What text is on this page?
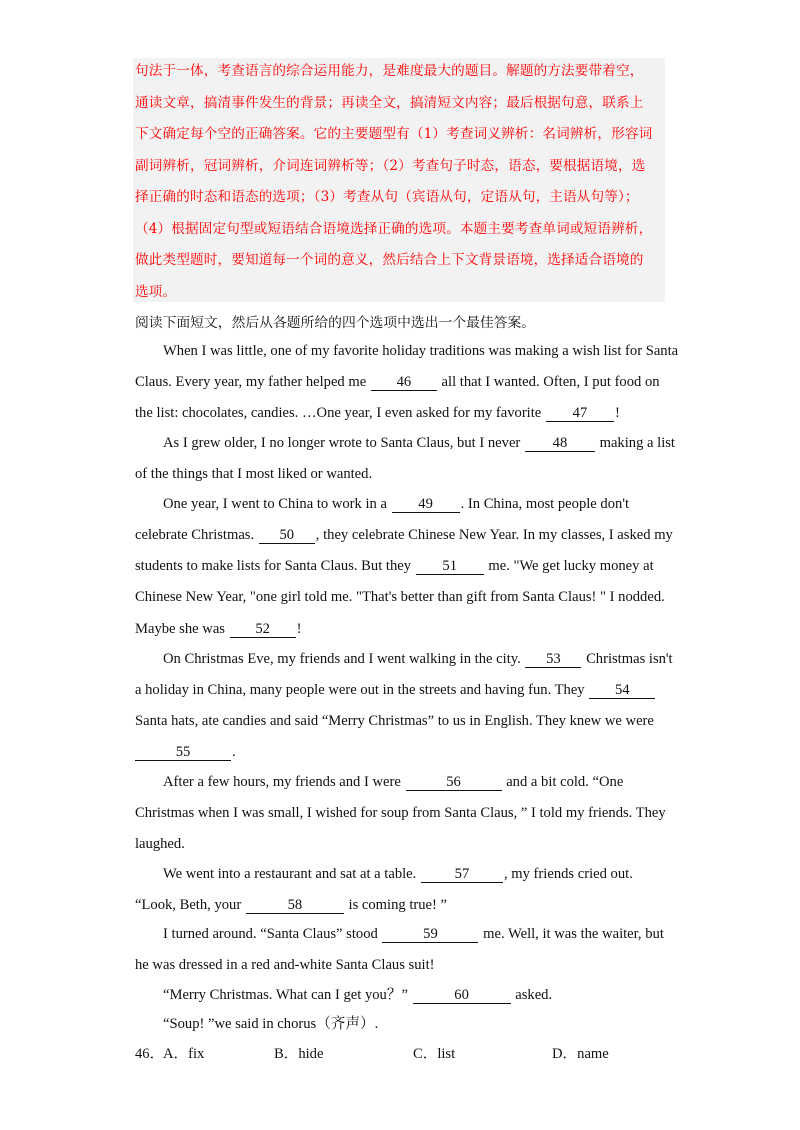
句法于一体，考查语言的综合运用能力，是难度最大的题目。解题的方法要带着空，
通读文章，搞清事件发生的背景；再读全文，搞清短文内容；最后根据句意，联系上
下文确定每个空的正确答案。它的主要题型有（1）考查词义辨析：名词辨析，形容词
副词辨析，冠词辨析，介词连词辨析等；（2）考查句子时态，语态，要根据语境，选
择正确的时态和语态的选项；（3）考查从句（宾语从句，定语从句，主语从句等）；
（4）根据固定句型或短语结合语境选择正确的选项。本题主要考查单词或短语辨析，
做此类型题时，要知道每一个词的意义，然后结合上下文背景语境，选择适合语境的
选项。
阅读下面短文，然后从各题所给的四个选项中选出一个最佳答案。
When I was little, one of my favorite holiday traditions was making a wish list for Santa
Claus. Every year, my father helped me 46 all that I wanted. Often, I put food on
the list: chocolates, candies. …One year, I even asked for my favorite 47 !
As I grew older, I no longer wrote to Santa Claus, but I never 48 making a list
of the things that I most liked or wanted.
One year, I went to China to work in a 49 . In China, most people don't
celebrate Christmas. 50 , they celebrate Chinese New Year. In my classes, I asked my
students to make lists for Santa Claus. But they 51 me. "We get lucky money at
Chinese New Year, "one girl told me. "That's better than gift from Santa Claus! " I nodded.
Maybe she was 52 !
On Christmas Eve, my friends and I went walking in the city. 53 Christmas isn't
a holiday in China, many people were out in the streets and having fun. They 54
Santa hats, ate candies and said “Merry Christmas” to us in English. They knew we were
55	.
After a few hours, my friends and I were	56	and a bit cold. “One
Christmas when I was small, I wished for soup from Santa Claus, ” I told my friends. They
laughed.
We went into a restaurant and sat at a table.	57 , my friends cried out.
“Look, Beth, your	58	is coming true! ”
I turned around. “Santa Claus” stood	59	me. Well, it was the waiter, but
he was dressed in a red and-white Santa Claus suit!
“Merry Christmas. What can I get you？”	60	asked.
“Soup! ”we said in chorus（齐声）.
46．
A．fix	B．hide	C．list	D．name
